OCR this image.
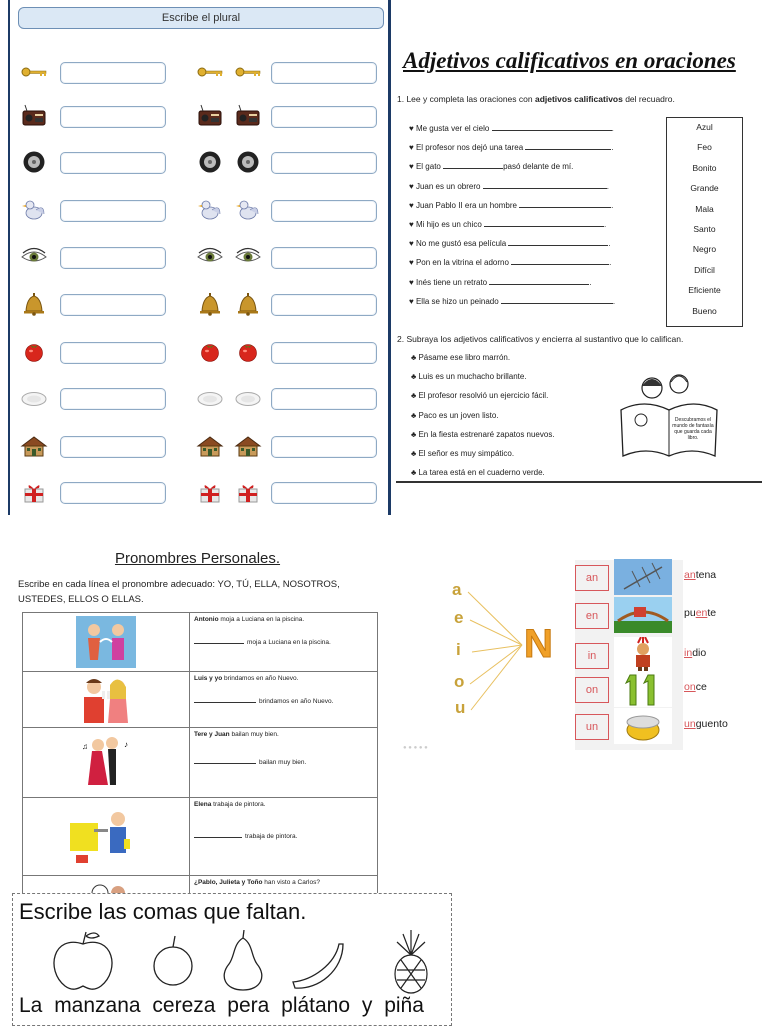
Escribe el plural
Adjetivos calificativos en oraciones
1. Lee y completa las oraciones con adjetivos calificativos del recuadro.
♥ Me gusta ver el cielo	.
♥ El profesor nos dejó una tarea	.
♥ El gato	pasó delante de mí.
♥ Juan es un obrero	.
♥ Juan Pablo II era un hombre	.
♥ Mi hijo es un chico	.
♥ No me gustó esa película	.
♥ Pon en la vitrina el adorno	.
♥ Inés tiene un retrato	.
♥ Ella se hizo un peinado	.
Azul
Feo
Bonito
Grande
Mala
Santo
Negro
Difícil
Eficiente
Bueno
2. Subraya los adjetivos calificativos y encierra al sustantivo que lo califican.
♣ Pásame ese libro marrón.
♣ Luis es un muchacho brillante.
♣ El profesor resolvió un ejercicio fácil.
♣ Paco es un joven listo.
♣ En la fiesta estrenaré zapatos nuevos.
♣ El señor es muy simpático.
♣ La tarea está en el cuaderno verde.
Descubramos el mundo de fantasía que guarda cada libro.
Pronombres Personales.
Escribe en cada línea el pronombre adecuado: YO, TÚ, ELLA, NOSOTROS, USTEDES, ELLOS O ELLAS.
Antonio moja a Luciana en la piscina.
moja a Luciana en la piscina.
Luis y yo brindamos en año Nuevo.
brindamos en año Nuevo.
♪
♫
Tere y Juan bailan muy bien.
bailan muy bien.
Elena trabaja de pintora.
trabaja de pintora.
¿Pablo, Julieta y Toño han visto a Carlos?
a
e
i
o
u
N
an	antena
en	puente
in	indio
on	once
un	unguento
● ● ● ● ●
Escribe las comas que faltan.
La manzana cereza pera plátano y piña
